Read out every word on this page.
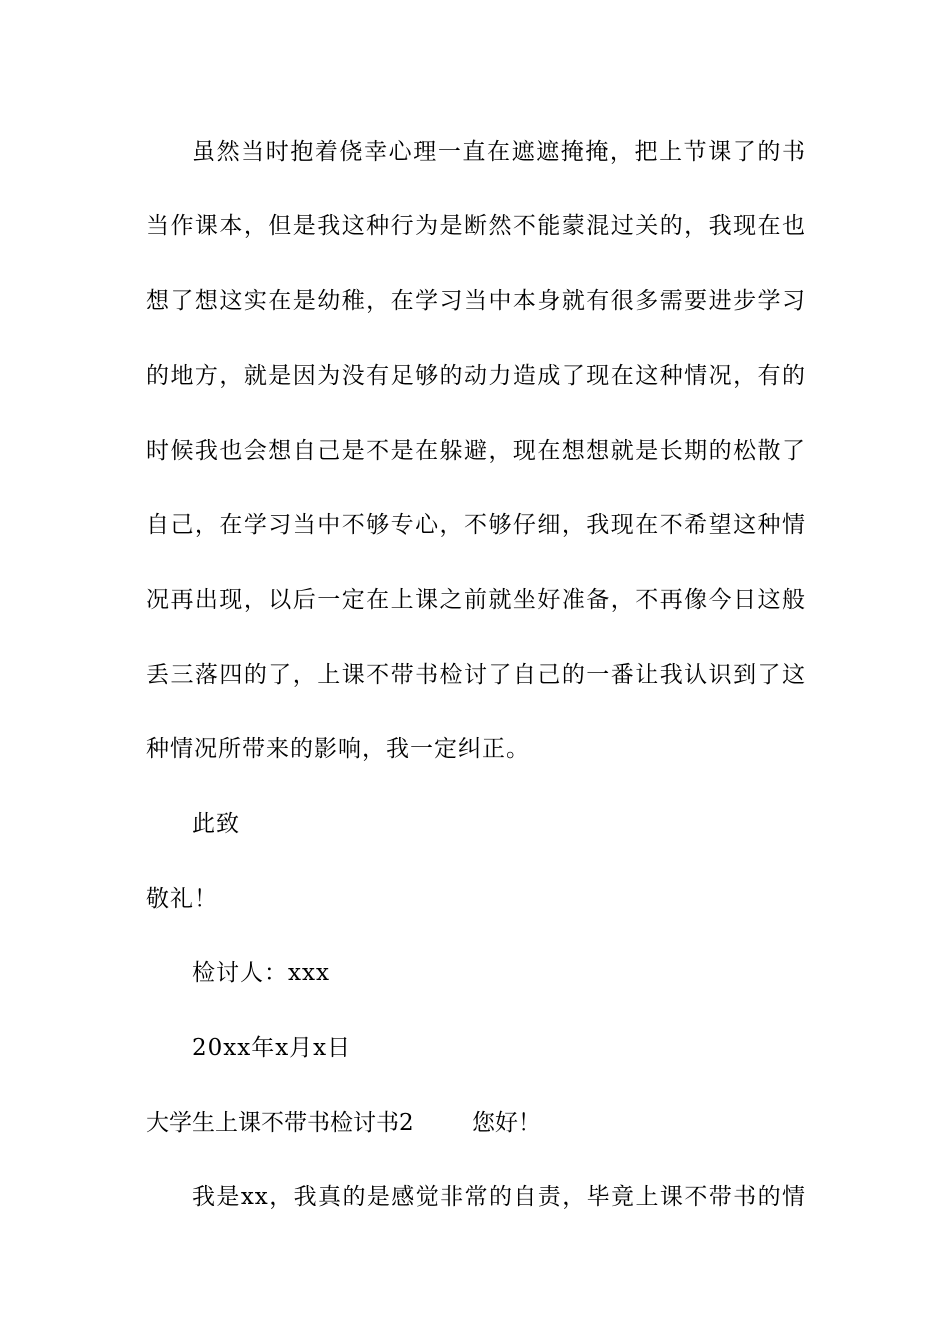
虽然当时抱着侥幸心理一直在遮遮掩掩，把上节课了的书
当作课本，但是我这种行为是断然不能蒙混过关的，我现在也
想了想这实在是幼稚，在学习当中本身就有很多需要进步学习
的地方，就是因为没有足够的动力造成了现在这种情况，有的
时候我也会想自己是不是在躲避，现在想想就是长期的松散了
自己，在学习当中不够专心，不够仔细，我现在不希望这种情
况再出现，以后一定在上课之前就坐好准备，不再像今日这般
丢三落四的了，上课不带书检讨了自己的一番让我认识到了这
种情况所带来的影响，我一定纠正。
此致
敬礼！
检讨人：xxx
20xx年x月x日
大学生上课不带书检讨书2	您好！
我是xx，我真的是感觉非常的自责，毕竟上课不带书的情
